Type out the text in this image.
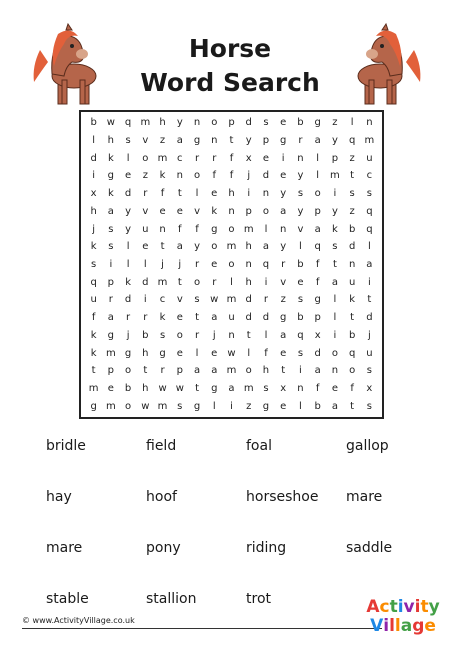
Horse
Word Search
b w q m h	y	n	o	p	d	s	e	b	g	z	l	n
l	h	s	v	z	a	g	n	t	y	p	g	r	a	y	q m
d	k	l	o m c	r	r	f	x	e	i	n	l	p	z	u
i	g	e	z	k	n	o	f	f	j	d	e	y	l	m	t	c
x	k	d	r	f	t	l	e	h	i	n	y	s	o	i	s	s
h	a	y	v	e	e	v	k	n	p	o	a	y	p	y	z	q
j	s	y	u	n	f	f	g	o m	l	n	v	a	k	b	q
k	s	l	e	t	a	y	o m h	a	y	l	q	s	d	l
s	i	l	l	j	j	r	e	o	n	q	r	b	f	t	n	a
q	p	k	d m	t	o	r	l	h	i	v	e	f	a	u	i
u	r	d	i	c	v	s	w m d	r	z	s	g	l	k	t
f	a	r	r	k	e	t	a	u	d	d	g	b	p	l	t	d
k	g	j	b	s	o	r	j	n	t	l	a	q	x	i	b	j
k m g	h	g	e	l	e	w	l	f	e	s	d	o	q	u
t	p	o	t	r	p	a	a m o	h	t	i	a	n	o	s
m e	b	h w w	t	g	a m s	x	n	f	e	f	x
g m o	w m s	g	l	i	z	g	e	l	b	a	t	s
bridle	field	foal	gallop
hay	hoof	horseshoe	mare
mare	pony	riding	saddle
stable	stallion	trot
© www.ActivityVillage.co.uk
Activity
Village
